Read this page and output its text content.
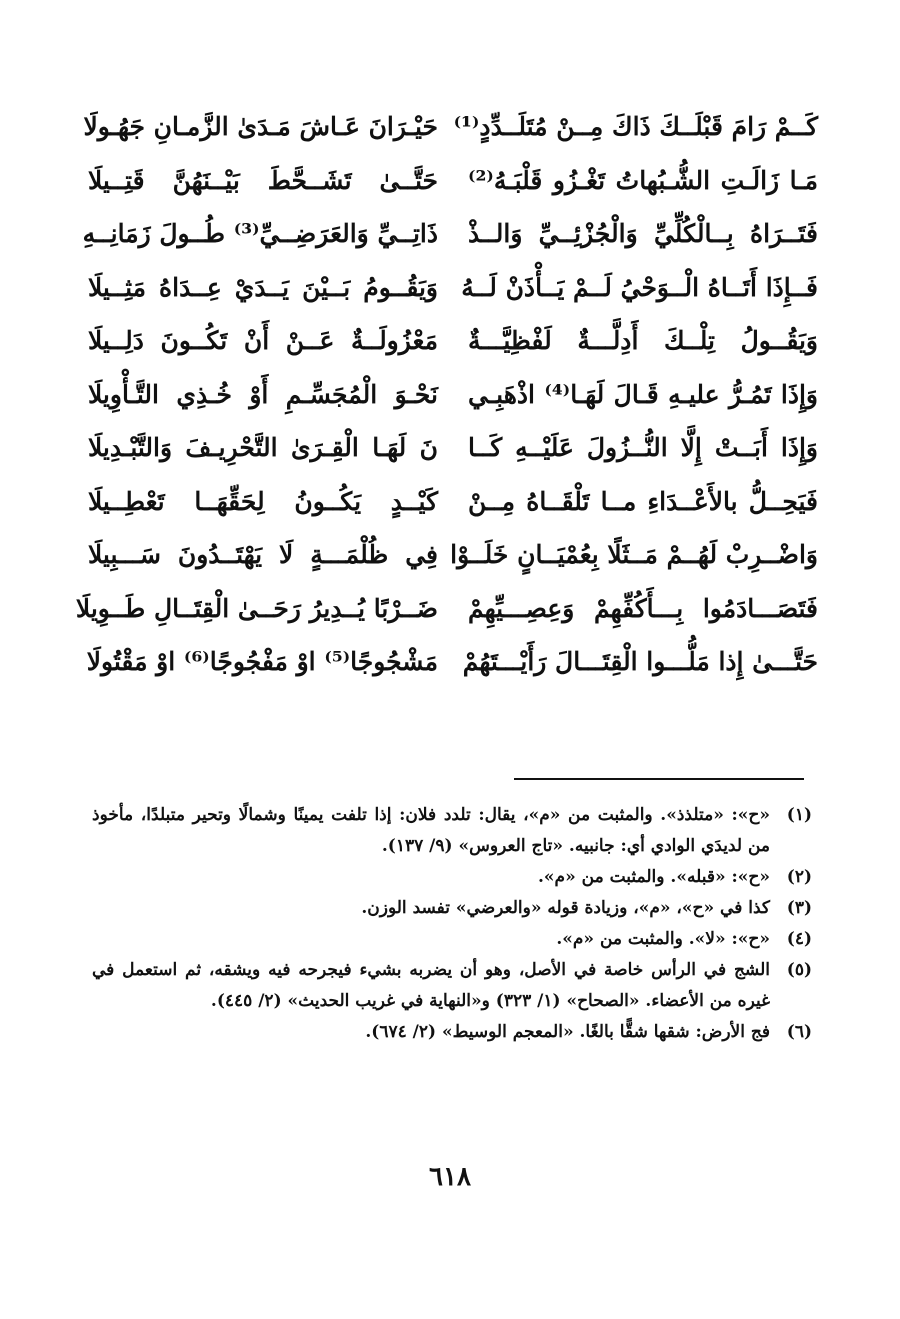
كَــمْ رَامَ قَبْلَــكَ ذَاكَ مِــنْ مُتَلَــدِّدٍ⁽¹⁾
حَيْـرَانَ عَـاشَ مَـدَىٰ الزَّمـانِ جَهُـولَا
مَـا زَالَـتِ الشُّـبُهاتُ تَغْـزُو قَلْبَـهُ⁽²⁾
حَتَّــىٰ تَشَــحَّطَ بَيْــنَهُنَّ قَتِــيلَا
فَتَــرَاهُ بِــالْكُلِّيِّ وَالْجُزْئِــيِّ وَالــذْ
ذَاتِــيِّ وَالعَرَضِــيِّ⁽³⁾ طُــولَ زَمَانِــهِ
فَــإِذَا أَتَــاهُ الْــوَحْيُ لَــمْ يَــأْذَنْ لَــهُ
وَيَقُــومُ بَــيْنَ يَــدَيْ عِــدَاهُ مَثِــيلَا
وَيَقُــولُ تِلْــكَ أَدِلَّـــةٌ لَفْظِيَّـــةٌ
مَعْزُولَــةٌ عَــنْ أَنْ تَكُــونَ دَلِــيلَا
وَإِذَا تَمُـرُّ عليـهِ قَـالَ لَهَـا⁽⁴⁾ اذْهَبِـي
نَحْـوَ الْمُجَسِّـمِ أَوْ خُـذِي التَّـأْوِيلَا
وَإِذَا أَبَــتْ إِلَّا النُّــزُولَ عَلَيْــهِ كَــا
نَ لَهَـا الْقِـرَىٰ التَّحْرِيـفَ وَالتَّبْـدِيلَا
فَيَحِــلُّ بالأَعْــدَاءِ مــا تَلْقَــاهُ مِــنْ
كَيْــدٍ يَكُــونُ لِحَقِّهَــا تَعْطِــيلَا
وَاضْــرِبْ لَهُــمْ مَــثَلًا بِعُمْيَــانٍ خَلَــوْا
فِي ظُلْمَـــةٍ لَا يَهْتَــدُونَ سَـــبِيلَا
فَتَصَـــادَمُوا بِـــأَكُفِّهِمْ وَعِصِـــيِّهِمْ
ضَــرْبًا يُــدِيرُ رَحَــىٰ الْقِتَــالِ طَــوِيلَا
حَتَّـــىٰ إِذا مَلُّـــوا الْقِتَـــالَ رَأَيْـــتَهُمْ
مَشْجُوجًا⁽⁵⁾ اوْ مَفْجُوجًا⁽⁶⁾ اوْ مَقْتُولَا
(١)
«ح»: «متلذذ». والمثبت من «م»، يقال: تلدد فلان: إذا تلفت يمينًا وشمالًا وتحير متبلدًا، مأخوذ من لديدَي الوادي أي: جانبيه. «تاج العروس» (٩/ ١٣٧).
(٢)
«ح»: «قبله». والمثبت من «م».
(٣)
كذا في «ح»، «م»، وزيادة قوله «والعرضي» تفسد الوزن.
(٤)
«ح»: «لا». والمثبت من «م».
(٥)
الشج في الرأس خاصة في الأصل، وهو أن يضربه بشيء فيجرحه فيه ويشقه، ثم استعمل في غيره من الأعضاء. «الصحاح» (١/ ٣٢٣) و«النهاية في غريب الحديث» (٢/ ٤٤٥).
(٦)
فج الأرض: شقها شقًّا بالغًا. «المعجم الوسيط» (٢/ ٦٧٤).
٦١٨
